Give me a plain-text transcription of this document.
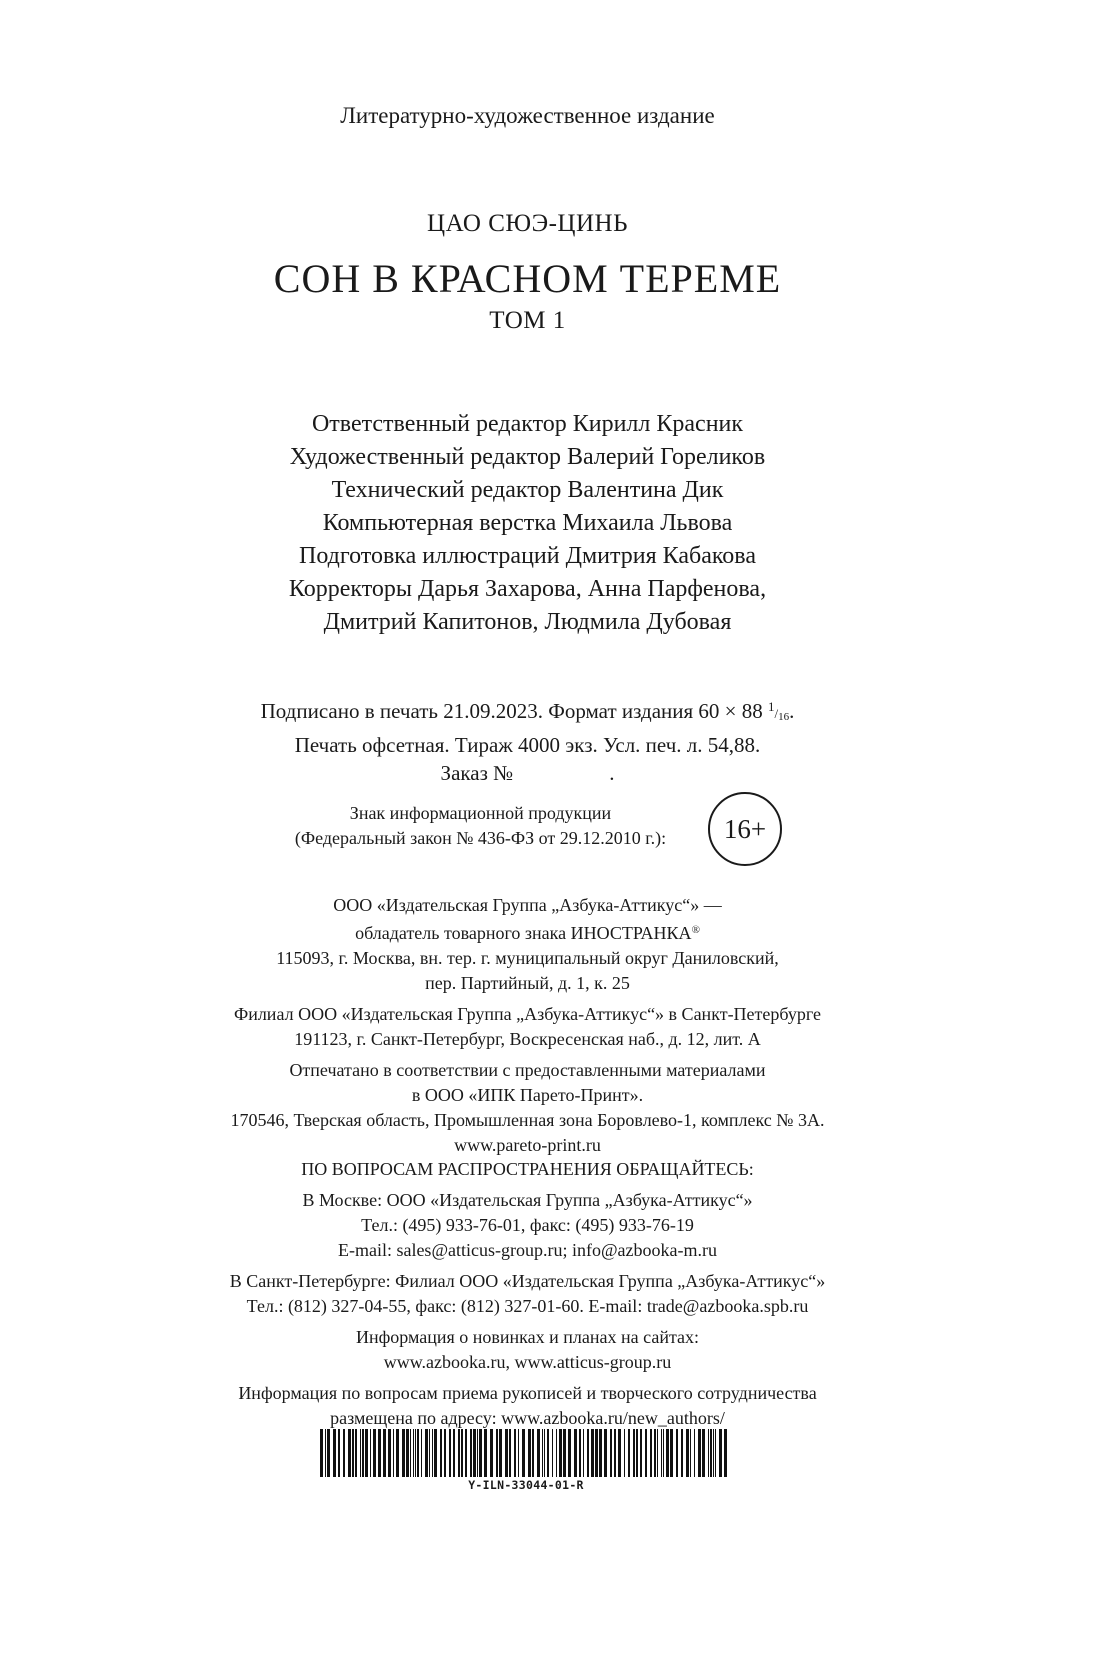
Литературно-художественное издание
ЦАО СЮЭ-ЦИНЬ
СОН В КРАСНОМ ТЕРЕМЕ
ТОМ 1
Ответственный редактор Кирилл Красник
Художественный редактор Валерий Гореликов
Технический редактор Валентина Дик
Компьютерная верстка Михаила Львова
Подготовка иллюстраций Дмитрия Кабакова
Корректоры Дарья Захарова, Анна Парфенова,
Дмитрий Капитонов, Людмила Дубовая
Подписано в печать 21.09.2023. Формат издания 60 × 88 $^1/_{16}$.
Печать офсетная. Тираж 4000 экз. Усл. печ. л. 54,88.
Заказ №	.
Знак информационной продукции
(Федеральный закон № 436-ФЗ от 29.12.2010 г.):	16+
ООО «Издательская Группа „Азбука-Аттикус“» —
обладатель товарного знака ИНОСТРАНКА®
115093, г. Москва, вн. тер. г. муниципальный округ Даниловский,
пер. Партийный, д. 1, к. 25
Филиал ООО «Издательская Группа „Азбука-Аттикус“» в Санкт-Петербурге
191123, г. Санкт-Петербург, Воскресенская наб., д. 12, лит. А
Отпечатано в соответствии с предоставленными материалами
в ООО «ИПК Парето-Принт».
170546, Тверская область, Промышленная зона Боровлево-1, комплекс № 3А.
www.pareto-print.ru
ПО ВОПРОСАМ РАСПРОСТРАНЕНИЯ ОБРАЩАЙТЕСЬ:
В Москве: ООО «Издательская Группа „Азбука-Аттикус“»
Тел.: (495) 933-76-01, факс: (495) 933-76-19
E-mail: sales@atticus-group.ru; info@azbooka-m.ru
В Санкт-Петербурге: Филиал ООО «Издательская Группа „Азбука-Аттикус“»
Тел.: (812) 327-04-55, факс: (812) 327-01-60. E-mail: trade@azbooka.spb.ru
Информация о новинках и планах на сайтах:
www.azbooka.ru, www.atticus-group.ru
Информация по вопросам приема рукописей и творческого сотрудничества
размещена по адресу: www.azbooka.ru/new_authors/
Y-ILN-33044-01-R
